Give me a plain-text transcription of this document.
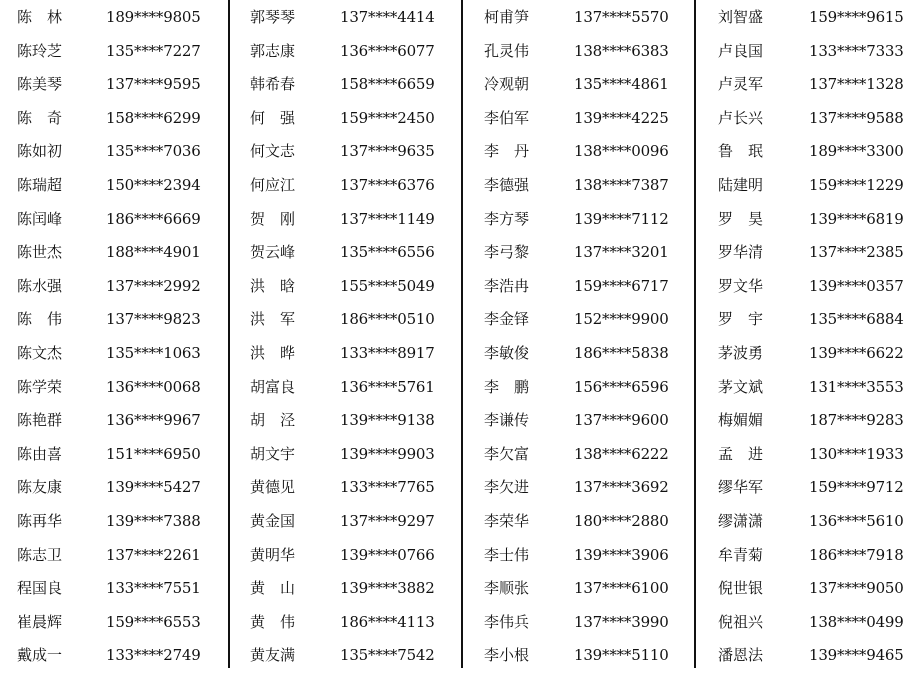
陈　林	189****9805
陈玲芝	135****7227
陈美琴	137****9595
陈　奇	158****6299
陈如初	135****7036
陈瑞超	150****2394
陈闰峰	186****6669
陈世杰	188****4901
陈水强	137****2992
陈　伟	137****9823
陈文杰	135****1063
陈学荣	136****0068
陈艳群	136****9967
陈由喜	151****6950
陈友康	139****5427
陈再华	139****7388
陈志卫	137****2261
程国良	133****7551
崔晨辉	159****6553
戴成一	133****2749
郭琴琴	137****4414
郭志康	136****6077
韩希春	158****6659
何　强	159****2450
何文志	137****9635
何应江	137****6376
贺　刚	137****1149
贺云峰	135****6556
洪　晗	155****5049
洪　军	186****0510
洪　晔	133****8917
胡富良	136****5761
胡　泾	139****9138
胡文宇	139****9903
黄德见	133****7765
黄金国	137****9297
黄明华	139****0766
黄　山	139****3882
黄　伟	186****4113
黄友满	135****7542
柯甫笋	137****5570
孔灵伟	138****6383
冷观朝	135****4861
李伯军	139****4225
李　丹	138****0096
李德强	138****7387
李方琴	139****7112
李弓黎	137****3201
李浩冉	159****6717
李金铎	152****9900
李敏俊	186****5838
李　鹏	156****6596
李谦传	137****9600
李欠富	138****6222
李欠进	137****3692
李荣华	180****2880
李士伟	139****3906
李顺张	137****6100
李伟兵	137****3990
李小根	139****5110
刘智盛	159****9615
卢良国	133****7333
卢灵军	137****1328
卢长兴	137****9588
鲁　珉	189****3300
陆建明	159****1229
罗　昊	139****6819
罗华清	137****2385
罗文华	139****0357
罗　宇	135****6884
茅波勇	139****6622
茅文斌	131****3553
梅媚媚	187****9283
孟　进	130****1933
缪华军	159****9712
缪潇潇	136****5610
牟青菊	186****7918
倪世银	137****9050
倪祖兴	138****0499
潘恩法	139****9465
